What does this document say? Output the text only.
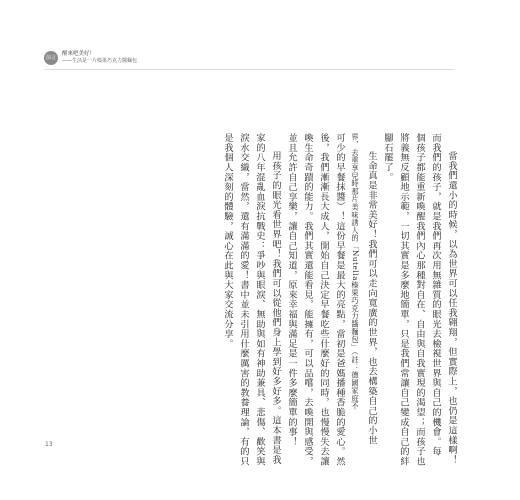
前言
醒來吧美好！
——生活是一片榛果巧克力醬麵包
當我們還小的時候，以為世界可以任我翱翔，但實際上，也仍是這樣啊！
而我們的孩子，就是我們再次用無雜質的眼光去檢視世界與自己的機會。每
個孩子都能重新喚醒我們內心那種對自在、自由與自我實現的渴望；而孩子也
將義無反顧地示範，一切其實是多麼地簡單，只是我們常讓自己變成自己的絆
腳石罷了。
生命真是非常美好！我們可以走向寬廣的世界，也去構築自己的小世
界，去重享兒時那片美味誘人的「Nutella榛果巧克力醬麵包」（註：德國家庭不
可少的早餐抹醬）！這份早餐是最大的亮點，當初是爸媽播種香脆的愛心。然
後，我們漸漸長大成人，開始自己決定早餐吃些什麼好的同時，也慢慢失去讓
喚生命奇蹟的能力。我們其實還能看見，能擁有，可以品嚐，去喚開與感受，
並且允許自己享樂，讓自己知道，原來幸福與滿足是一件多麼簡單的事！
用孩子的眼光看世界吧！我們可以從他們身上學到好多好多。這本書是我
家的八年混亂血淚抗戰史：爭吵與眼淚、無助與如有神助兼具、悲傷、歡笑與
淚水交織，當然，還有滿滿的愛！書中並未引用什麼厲害的教養理論，有的只
是我個人深刻的體驗，誠心在此與大家交流分享。
13
